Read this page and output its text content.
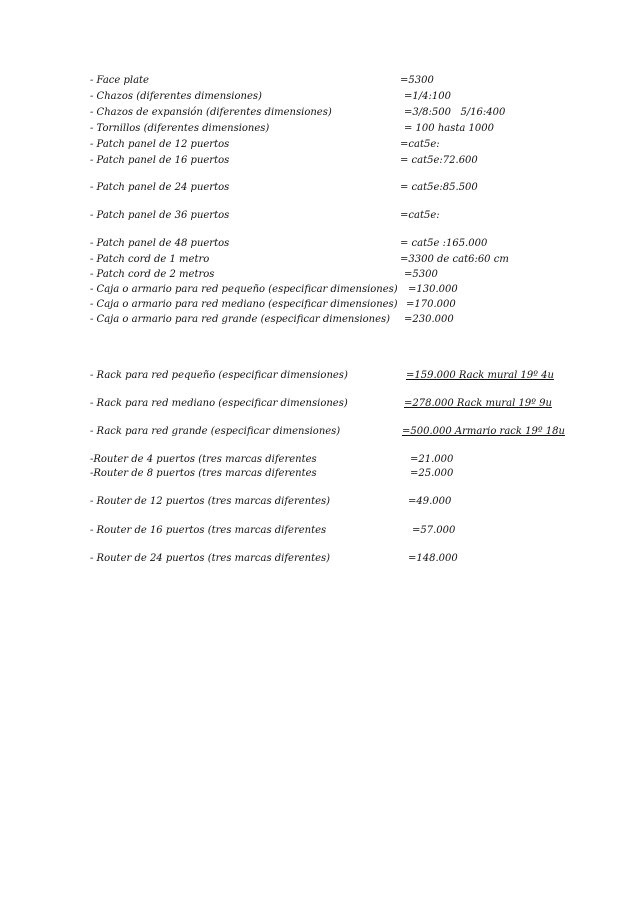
- Face plate	=5300
- Chazos (diferentes dimensiones)	=1/4:100
- Chazos de expansión (diferentes dimensiones)	=3/8:500   5/16:400
- Tornillos (diferentes dimensiones)	= 100 hasta 1000
- Patch panel de 12 puertos	=cat5e:
- Patch panel de 16 puertos	= cat5e:72.600
- Patch panel de 24 puertos	= cat5e:85.500
- Patch panel de 36 puertos	=cat5e:
- Patch panel de 48 puertos	= cat5e :165.000
- Patch cord de 1 metro	=3300 de cat6:60 cm
- Patch cord de 2 metros	=5300
- Caja o armario para red pequeño (especificar dimensiones) =130.000
- Caja o armario para red mediano (especificar dimensiones) =170.000
- Caja o armario para red grande (especificar dimensiones) =230.000
- Rack para red pequeño (especificar dimensiones)	=159.000 Rack mural 19º 4u
- Rack para red mediano (especificar dimensiones)	=278.000 Rack mural 19º 9u
- Rack para red grande (especificar dimensiones)	=500.000 Armario rack 19º 18u
-Router de 4 puertos (tres marcas diferentes	=21.000
-Router de 8 puertos (tres marcas diferentes	=25.000
- Router de 12 puertos (tres marcas diferentes)	=49.000
- Router de 16 puertos (tres marcas diferentes	=57.000
- Router de 24 puertos (tres marcas diferentes)	=148.000
